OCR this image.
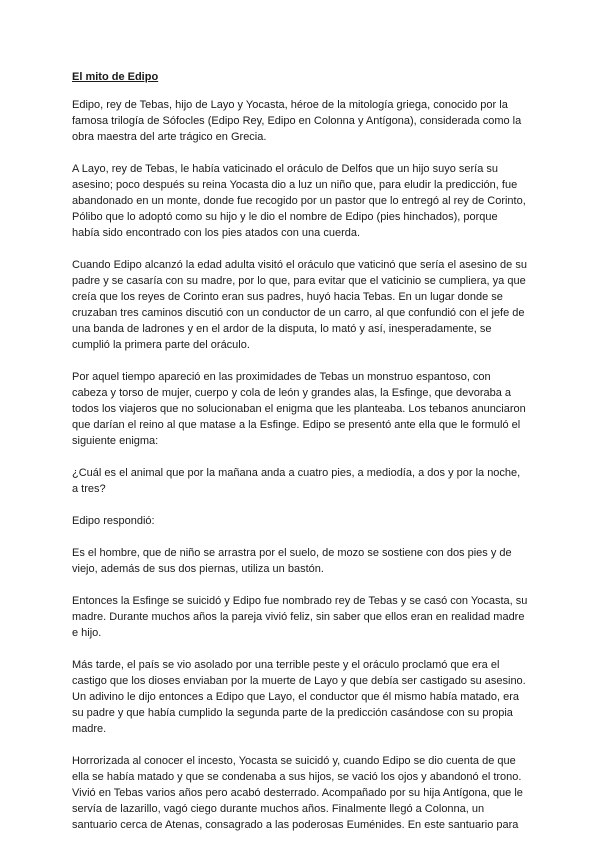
El mito de Edipo

Edipo, rey de Tebas, hijo de Layo y Yocasta, héroe de la mitología griega, conocido por la famosa trilogía de Sófocles (Edipo Rey, Edipo en Colonna y Antígona), considerada como la obra maestra del arte trágico en Grecia.

A Layo, rey de Tebas, le había vaticinado el oráculo de Delfos que un hijo suyo sería su asesino; poco después su reina Yocasta dio a luz un niño que, para eludir la predicción, fue abandonado en un monte, donde fue recogido por un pastor que lo entregó al rey de Corinto, Pólibo que lo adoptó como su hijo y le dio el nombre de Edipo (pies hinchados), porque había sido encontrado con los pies atados con una cuerda.

Cuando Edipo alcanzó la edad adulta visitó el oráculo que vaticinó que sería el asesino de su padre y se casaría con su madre, por lo que, para evitar que el vaticinio se cumpliera, ya que creía que los reyes de Corinto eran sus padres, huyó hacia Tebas. En un lugar donde se cruzaban tres caminos discutió con un conductor de un carro, al que confundió con el jefe de una banda de ladrones y en el ardor de la disputa, lo mató y así, inesperadamente, se cumplió la primera parte del oráculo.

Por aquel tiempo apareció en las proximidades de Tebas un monstruo espantoso, con cabeza y torso de mujer, cuerpo y cola de león y grandes alas, la Esfinge, que devoraba a todos los viajeros que no solucionaban el enigma que les planteaba. Los tebanos anunciaron que darían el reino al que matase a la Esfinge. Edipo se presentó ante ella que le formuló el siguiente enigma:

¿Cuál es el animal que por la mañana anda a cuatro pies, a mediodía, a dos y por la noche, a tres?

Edipo respondió:

Es el hombre, que de niño se arrastra por el suelo, de mozo se sostiene con dos pies y de viejo, además de sus dos piernas, utiliza un bastón.

Entonces la Esfinge se suicidó y Edipo fue nombrado rey de Tebas y se casó con Yocasta, su madre. Durante muchos años la pareja vivió feliz, sin saber que ellos eran en realidad madre e hijo.

Más tarde, el país se vio asolado por una terrible peste y el oráculo proclamó que era el castigo que los dioses enviaban por la muerte de Layo y que debía ser castigado su asesino. Un adivino le dijo entonces a Edipo que Layo, el conductor que él mismo había matado, era su padre y que había cumplido la segunda parte de la predicción casándose con su propia madre.

Horrorizada al conocer el incesto, Yocasta se suicidó y, cuando Edipo se dio cuenta de que ella se había matado y que se condenaba a sus hijos, se vació los ojos y abandonó el trono. Vivió en Tebas varios años pero acabó desterrado. Acompañado por su hija Antígona, que le servía de lazarillo, vagó ciego durante muchos años. Finalmente llegó a Colonna, un santuario cerca de Atenas, consagrado a las poderosas Euménides. En este santuario para
